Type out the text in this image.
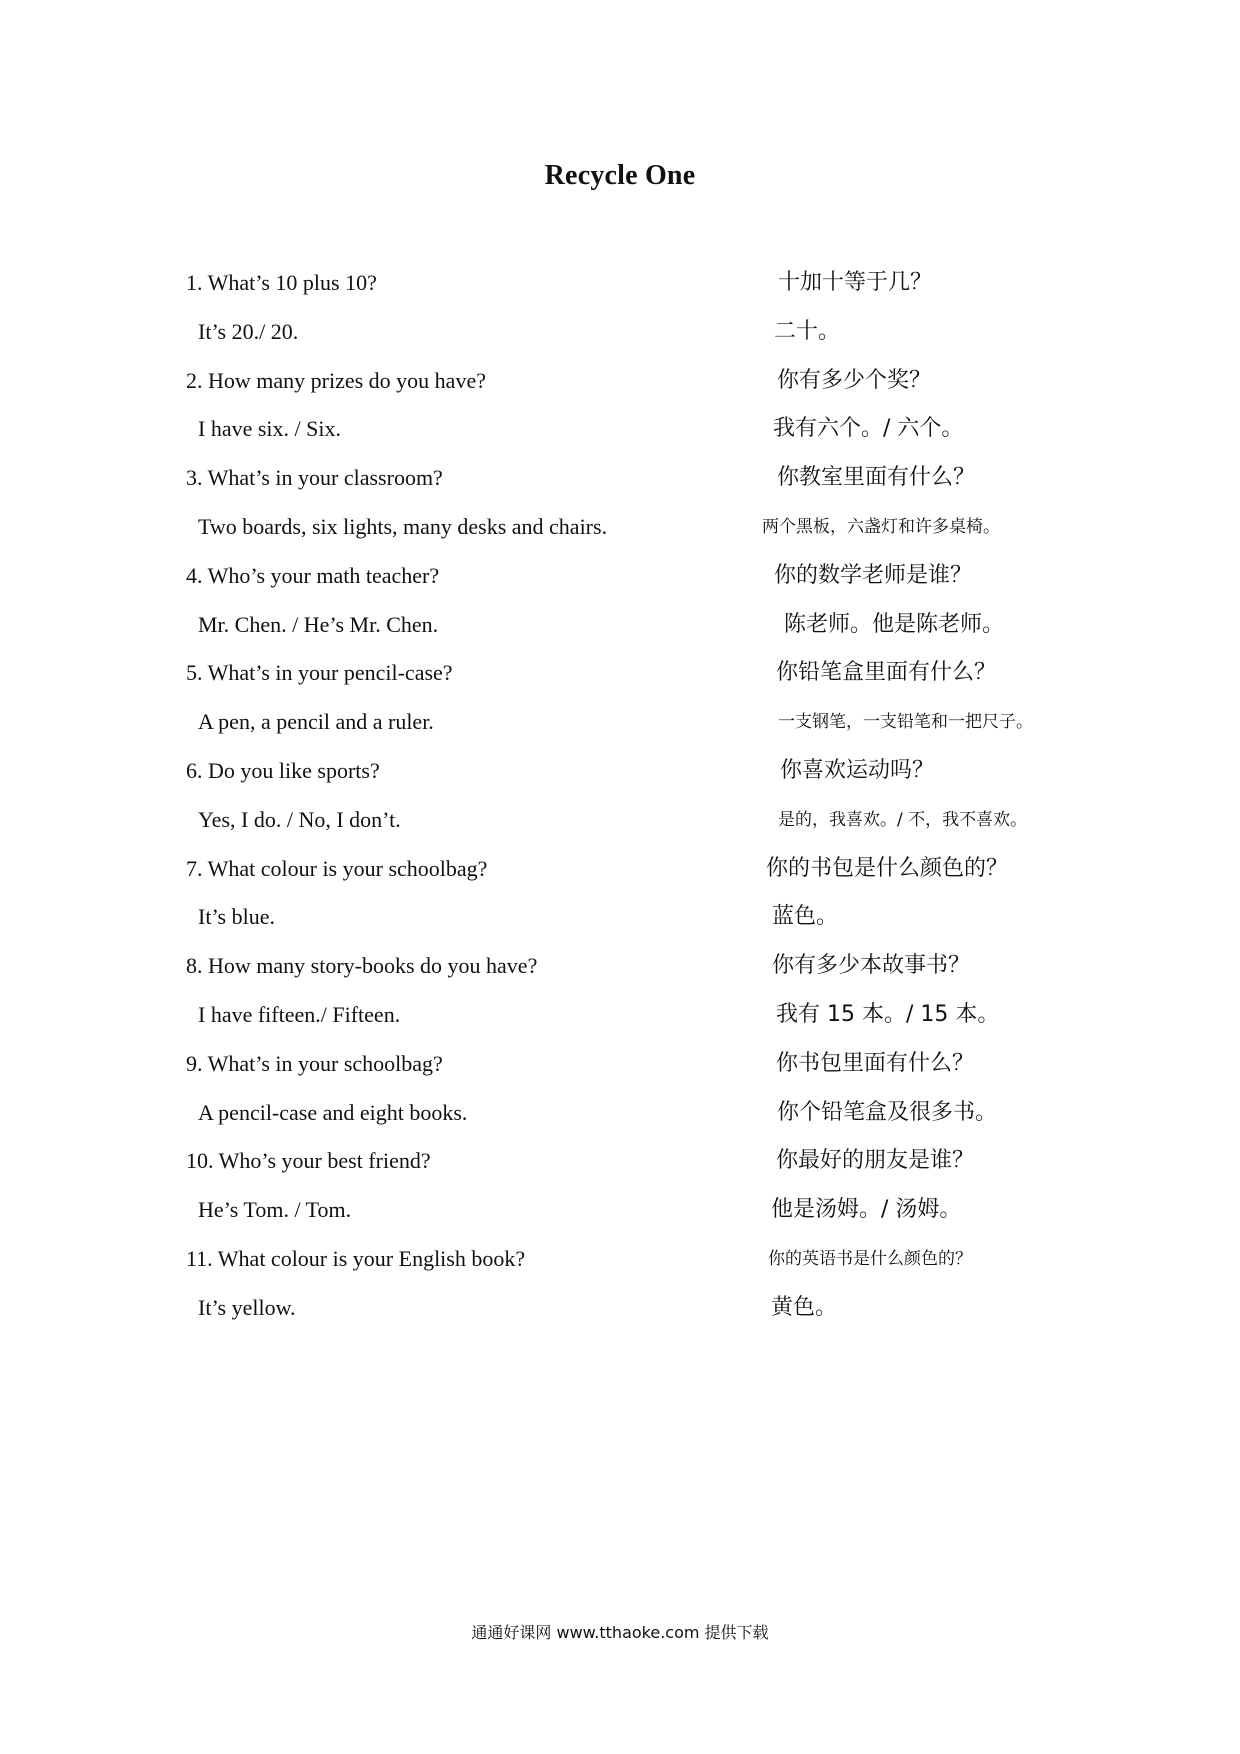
Recycle One
1. What’s 10 plus 10?	十加十等于几？
It’s 20./ 20.	二十。
2. How many prizes do you have?	你有多少个奖？
I have six. / Six.	我有六个。/ 六个。
3. What’s in your classroom?	你教室里面有什么？
Two boards, six lights, many desks and chairs.	两个黑板，六盏灯和许多桌椅。
4. Who’s your math teacher?	你的数学老师是谁？
Mr. Chen. / He’s Mr. Chen.	陈老师。他是陈老师。
5. What’s in your pencil-case?	你铅笔盒里面有什么？
A pen, a pencil and a ruler.	一支钢笔，一支铅笔和一把尺子。
6. Do you like sports?	你喜欢运动吗？
Yes, I do. / No, I don’t.	是的，我喜欢。/ 不，我不喜欢。
7. What colour is your schoolbag?	你的书包是什么颜色的？
It’s blue.	蓝色。
8. How many story-books do you have?	你有多少本故事书？
I have fifteen./ Fifteen.	我有 15 本。/ 15 本。
9. What’s in your schoolbag?	你书包里面有什么？
A pencil-case and eight books.	你个铅笔盒及很多书。
10. Who’s your best friend?	你最好的朋友是谁？
He’s Tom. / Tom.	他是汤姆。/ 汤姆。
11. What colour is your English book?	你的英语书是什么颜色的？
It’s yellow.	黄色。
通通好课网 www.tthaoke.com 提供下载
